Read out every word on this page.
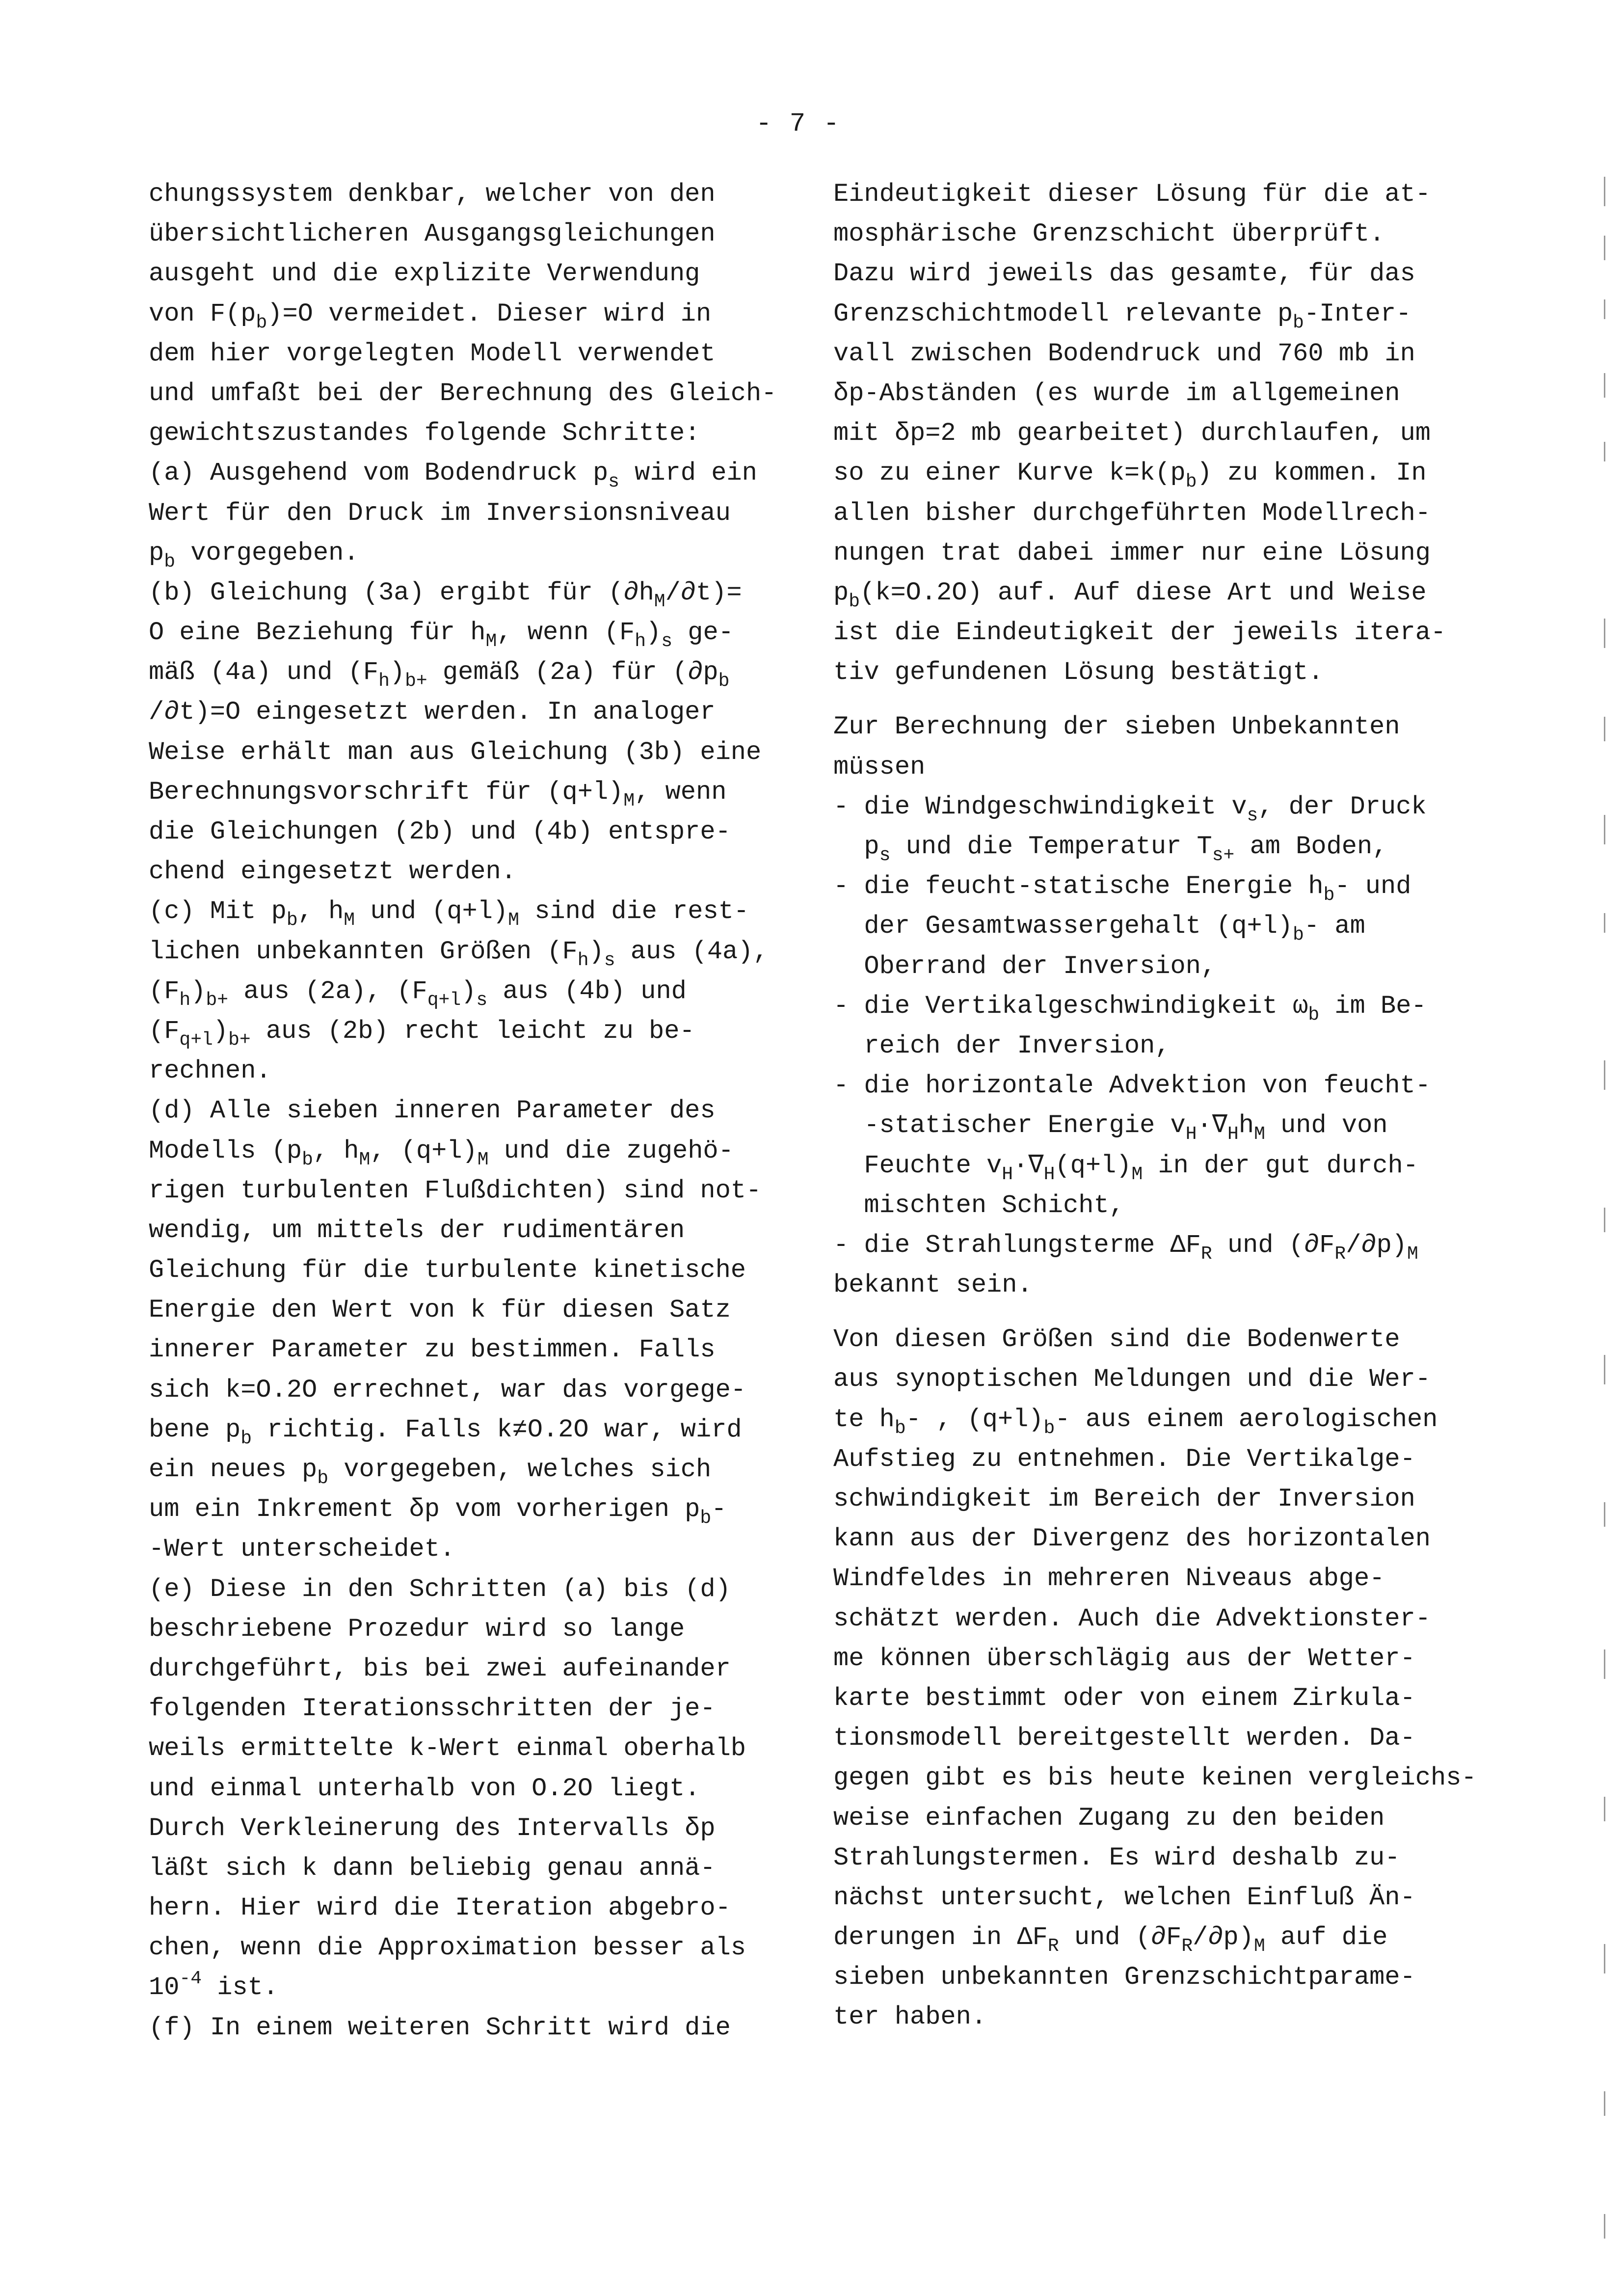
- 7 -
chungssystem denkbar, welcher von den
übersichtlicheren Ausgangsgleichungen
ausgeht und die explizite Verwendung
von $F(p_b)=O$ vermeidet. Dieser wird in
dem hier vorgelegten Modell verwendet
und umfaßt bei der Berechnung des Gleich-
gewichtszustandes folgende Schritte:
(a) Ausgehend vom Bodendruck $p_s$ wird ein
Wert für den Druck im Inversionsniveau
$p_b$ vorgegeben.
(b) Gleichung (3a) ergibt für $(\partial h_M/\partial t)=$
O eine Beziehung für $h_M$, wenn $(F_h)_s$ ge-
mäß (4a) und $(F_h)_{b+}$ gemäß (2a) für ($\partial p_b$
/∂t)=O eingesetzt werden. In analoger
Weise erhält man aus Gleichung (3b) eine
Berechnungsvorschrift für $(q+l)_M$, wenn
die Gleichungen (2b) und (4b) entspre-
chend eingesetzt werden.
(c) Mit $p_b$, $h_M$ und $(q+l)_M$ sind die rest-
lichen unbekannten Größen $(F_h)_s$ aus (4a),
$(F_h)_{b+}$ aus (2a), $(F_{q+l})_s$ aus (4b) und
$(F_{q+l})_{b+}$ aus (2b) recht leicht zu be-
rechnen.
(d) Alle sieben inneren Parameter des
Modells ($p_b$, $h_M$, $(q+l)_M$ und die zugehö-
rigen turbulenten Flußdichten) sind not-
wendig, um mittels der rudimentären
Gleichung für die turbulente kinetische
Energie den Wert von k für diesen Satz
innerer Parameter zu bestimmen. Falls
sich k=O.2O errechnet, war das vorgege-
bene $p_b$ richtig. Falls k≠O.2O war, wird
ein neues $p_b$ vorgegeben, welches sich
um ein Inkrement δp vom vorherigen $p_b-$
-Wert unterscheidet.
(e) Diese in den Schritten (a) bis (d)
beschriebene Prozedur wird so lange
durchgeführt, bis bei zwei aufeinander
folgenden Iterationsschritten der je-
weils ermittelte k-Wert einmal oberhalb
und einmal unterhalb von O.2O liegt.
Durch Verkleinerung des Intervalls δp
läßt sich k dann beliebig genau annä-
hern. Hier wird die Iteration abgebro-
chen, wenn die Approximation besser als
$10^{-4}$ ist.
(f) In einem weiteren Schritt wird die
Eindeutigkeit dieser Lösung für die at-
mosphärische Grenzschicht überprüft.
Dazu wird jeweils das gesamte, für das
Grenzschichtmodell relevante $p_b-Inter-$
vall zwischen Bodendruck und 760 mb in
δp-Abständen (es wurde im allgemeinen
mit δp=2 mb gearbeitet) durchlaufen, um
so zu einer Kurve $k=k(p_b)$ zu kommen. In
allen bisher durchgeführten Modellrech-
nungen trat dabei immer nur eine Lösung
$p_b(k=O.2O)$ auf. Auf diese Art und Weise
ist die Eindeutigkeit der jeweils itera-
tiv gefundenen Lösung bestätigt.
Zur Berechnung der sieben Unbekannten
müssen
- die Windgeschwindigkeit $v_s$, der Druck
$p_s$ und die Temperatur $T_{s+}$ am Boden,
- die feucht-statische Energie $h_b-$ und
der Gesamtwassergehalt $(q+l)_b-$ am
Oberrand der Inversion,
- die Vertikalgeschwindigkeit $\omega_b$ im Be-
reich der Inversion,
- die horizontale Advektion von feucht-
-statischer Energie $v_H\cdot\nabla_Hh_M$ und von
Feuchte $v_H\cdot\nabla_H(q+l)_M$ in der gut durch-
mischten Schicht,
- die Strahlungsterme $\Delta F_R$ und $(\partial F_R/\partial p)_M$
bekannt sein.
Von diesen Größen sind die Bodenwerte
aus synoptischen Meldungen und die Wer-
te $h_b-$ , $(q+l)_b-$ aus einem aerologischen
Aufstieg zu entnehmen. Die Vertikalge-
schwindigkeit im Bereich der Inversion
kann aus der Divergenz des horizontalen
Windfeldes in mehreren Niveaus abge-
schätzt werden. Auch die Advektionster-
me können überschlägig aus der Wetter-
karte bestimmt oder von einem Zirkula-
tionsmodell bereitgestellt werden. Da-
gegen gibt es bis heute keinen vergleichs-
weise einfachen Zugang zu den beiden
Strahlungstermen. Es wird deshalb zu-
nächst untersucht, welchen Einfluß Än-
derungen in $\Delta F_R$ und $(\partial F_R/\partial p)_M$ auf die
sieben unbekannten Grenzschichtparame-
ter haben.
